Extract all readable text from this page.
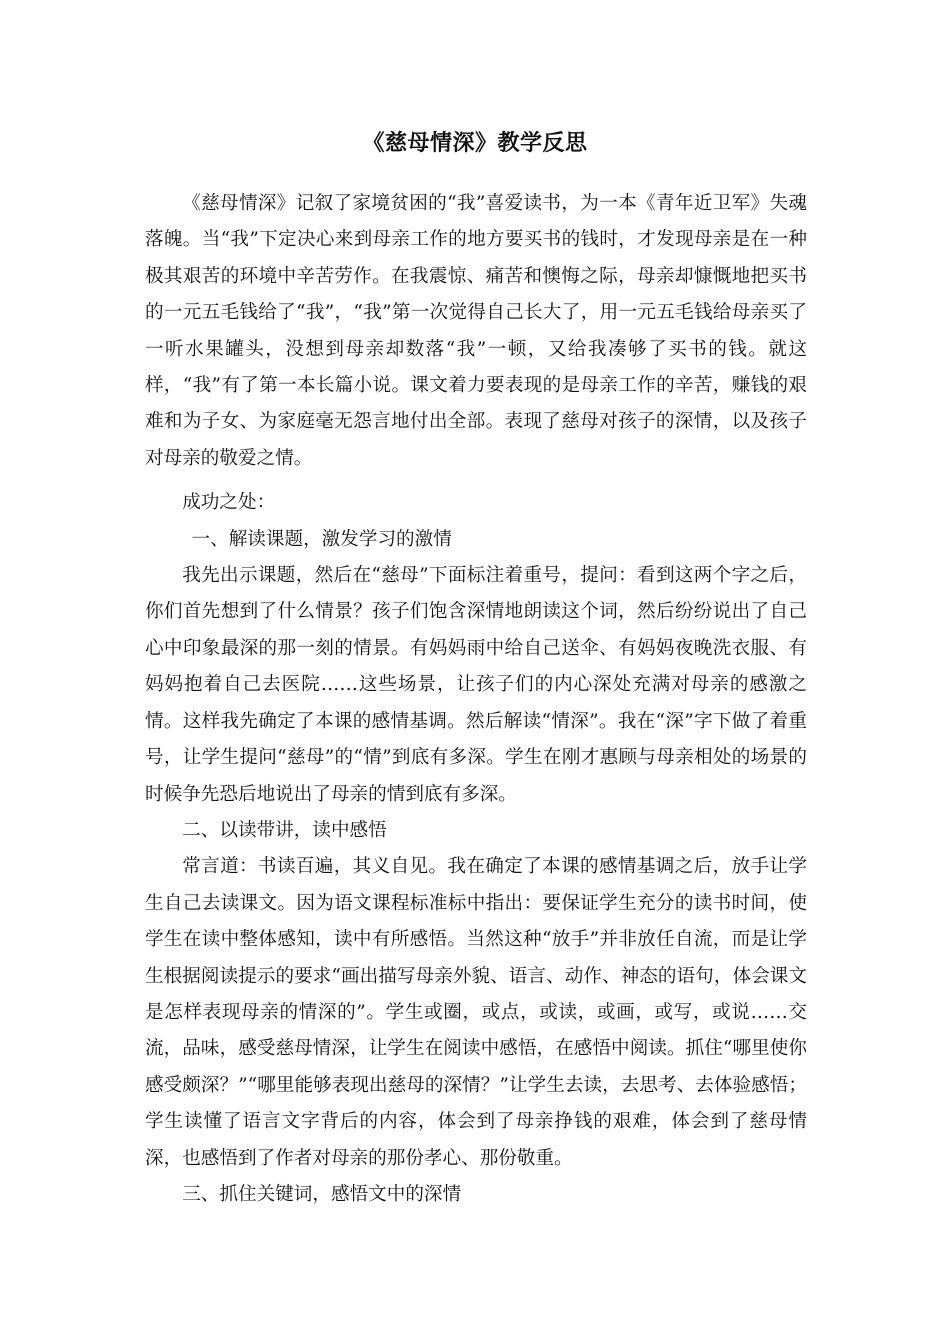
《慈母情深》教学反思

《慈母情深》记叙了家境贫困的“我”喜爱读书，为一本《青年近卫军》失魂落魄。当“我”下定决心来到母亲工作的地方要买书的钱时，才发现母亲是在一种极其艰苦的环境中辛苦劳作。在我震惊、痛苦和懊悔之际，母亲却慷慨地把买书的一元五毛钱给了“我”，“我”第一次觉得自己长大了，用一元五毛钱给母亲买了一听水果罐头，没想到母亲却数落“我”一顿，又给我凑够了买书的钱。就这样，“我”有了第一本长篇小说。课文着力要表现的是母亲工作的辛苦，赚钱的艰难和为子女、为家庭毫无怨言地付出全部。表现了慈母对孩子的深情，以及孩子对母亲的敬爱之情。

成功之处：

一、解读课题，激发学习的激情

我先出示课题，然后在“慈母”下面标注着重号，提问：看到这两个字之后，你们首先想到了什么情景？孩子们饱含深情地朗读这个词，然后纷纷说出了自己心中印象最深的那一刻的情景。有妈妈雨中给自己送伞、有妈妈夜晚洗衣服、有妈妈抱着自己去医院……这些场景，让孩子们的内心深处充满对母亲的感激之情。这样我先确定了本课的感情基调。然后解读“情深”。我在“深”字下做了着重号，让学生提问“慈母”的“情”到底有多深。学生在刚才惠顾与母亲相处的场景的时候争先恐后地说出了母亲的情到底有多深。

二、以读带讲，读中感悟

常言道：书读百遍，其义自见。我在确定了本课的感情基调之后，放手让学生自己去读课文。因为语文课程标准标中指出：要保证学生充分的读书时间，使学生在读中整体感知，读中有所感悟。当然这种“放手”并非放任自流，而是让学生根据阅读提示的要求“画出描写母亲外貌、语言、动作、神态的语句，体会课文是怎样表现母亲的情深的”。学生或圈，或点，或读，或画，或写，或说……交流，品味，感受慈母情深，让学生在阅读中感悟，在感悟中阅读。抓住“哪里使你感受颇深？”“哪里能够表现出慈母的深情？”让学生去读，去思考、去体验感悟；学生读懂了语言文字背后的内容，体会到了母亲挣钱的艰难，体会到了慈母情深，也感悟到了作者对母亲的那份孝心、那份敬重。

三、抓住关键词，感悟文中的深情
